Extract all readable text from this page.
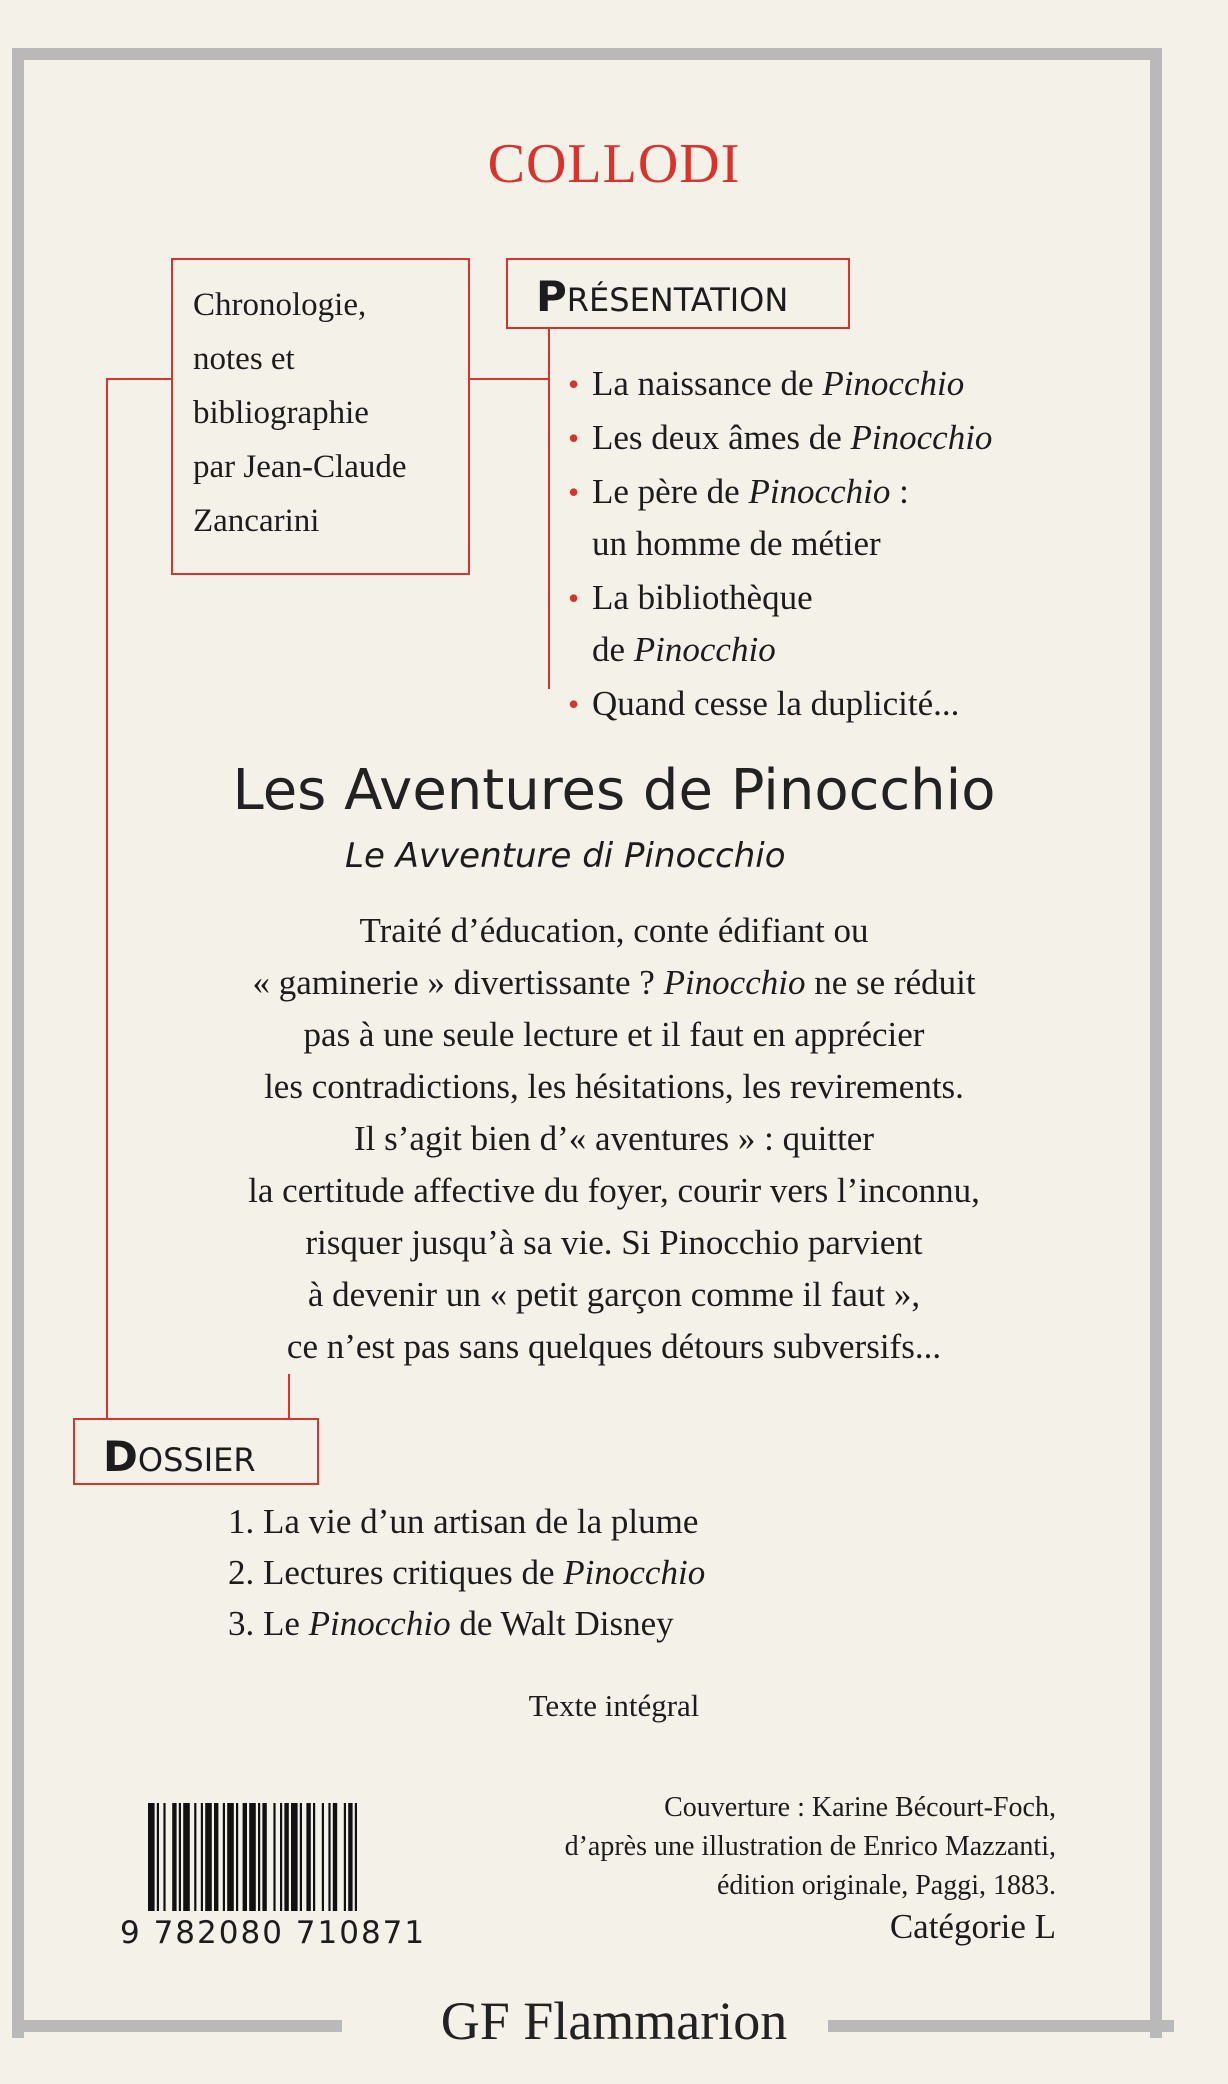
COLLODI
Chronologie,
notes et
bibliographie
par Jean-Claude
Zancarini
PRÉSENTATION
• La naissance de Pinocchio
• Les deux âmes de Pinocchio
• Le père de Pinocchio :
un homme de métier
• La bibliothèque
de Pinocchio
• Quand cesse la duplicité...
Les Aventures de Pinocchio
Le Avventure di Pinocchio
Traité d’éducation, conte édifiant ou
« gaminerie » divertissante ? Pinocchio ne se réduit
pas à une seule lecture et il faut en apprécier
les contradictions, les hésitations, les revirements.
Il s’agit bien d’« aventures » : quitter
la certitude affective du foyer, courir vers l’inconnu,
risquer jusqu’à sa vie. Si Pinocchio parvient
à devenir un « petit garçon comme il faut »,
ce n’est pas sans quelques détours subversifs...
DOSSIER
1. La vie d’un artisan de la plume
2. Lectures critiques de Pinocchio
3. Le Pinocchio de Walt Disney
Texte intégral
9 782080 710871
Couverture : Karine Bécourt-Foch,
d’après une illustration de Enrico Mazzanti,
édition originale, Paggi, 1883.
Catégorie L
GF Flammarion
